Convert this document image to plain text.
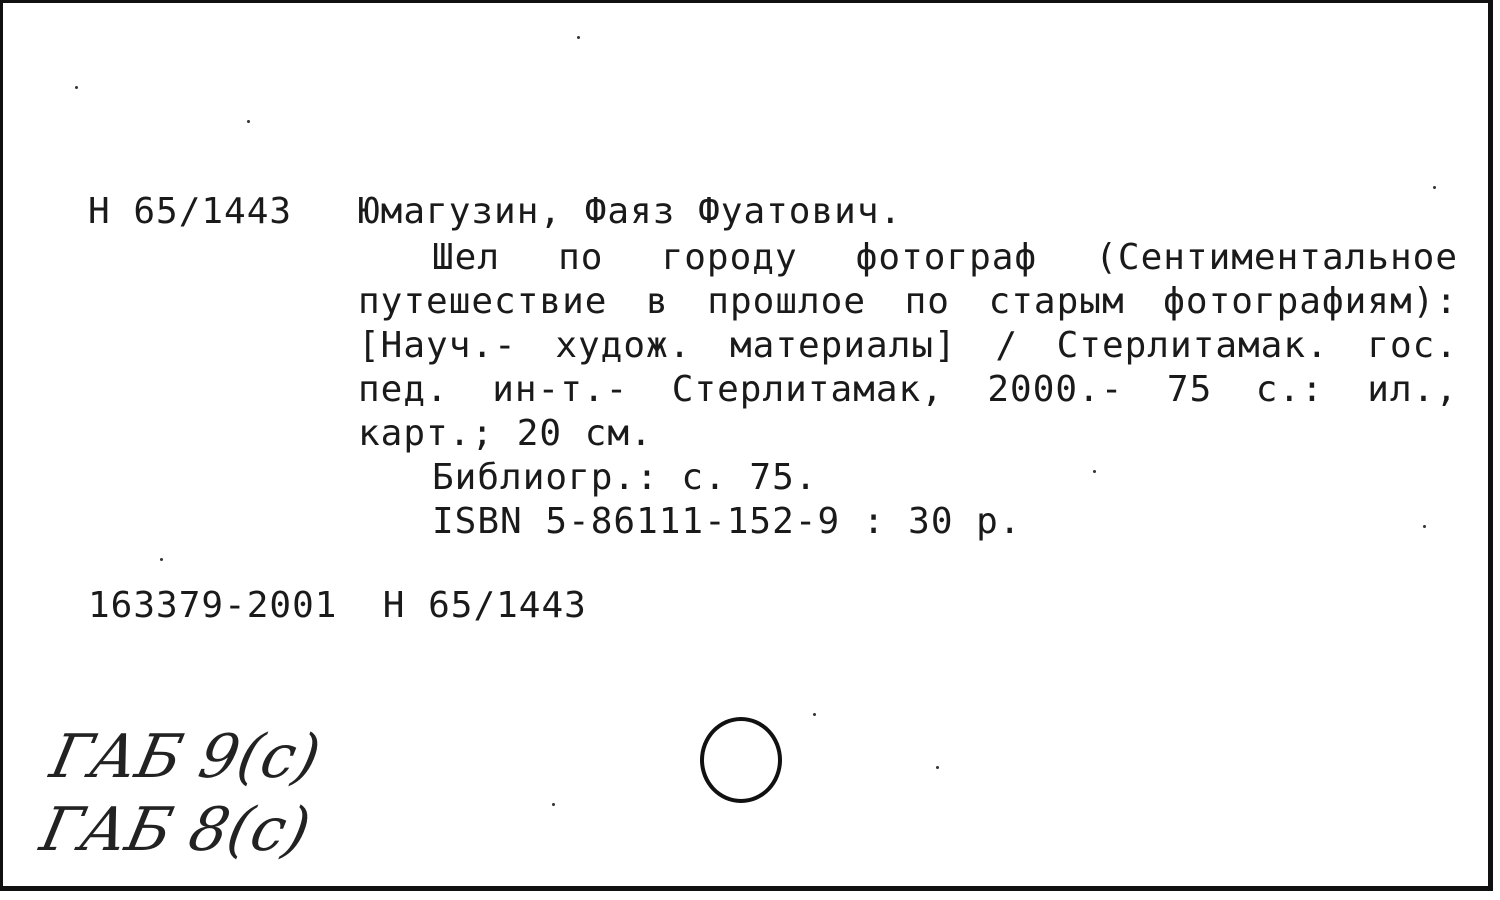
Н 65/1443 Юмагузин, Фаяз Фуатович.
Шел по городу фотограф (Сентиментальное
путешествие в прошлое по старым фотографиям):
[Науч.- худож. материалы] / Стерлитамак. гос.
пед. ин-т.- Стерлитамак, 2000.- 75 с.: ил.,
карт.; 20 см.
Библиогр.: с. 75.
ISBN 5-86111-152-9 : 30 р.
163379-2001  Н 65/1443
ГАБ 9(с)
ГАБ 8(с)
